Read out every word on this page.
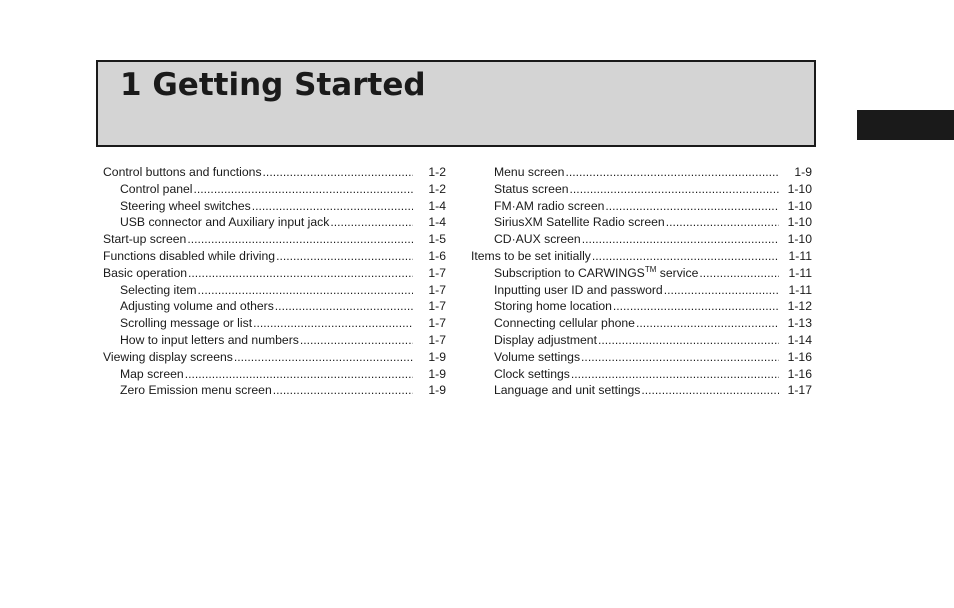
1 Getting Started
Control buttons and functions .....	1-2
Control panel .....	1-2
Steering wheel switches .....	1-4
USB connector and Auxiliary input jack .....	1-4
Start-up screen .....	1-5
Functions disabled while driving .....	1-6
Basic operation .....	1-7
Selecting item .....	1-7
Adjusting volume and others .....	1-7
Scrolling message or list .....	1-7
How to input letters and numbers .....	1-7
Viewing display screens .....	1-9
Map screen .....	1-9
Zero Emission menu screen .....	1-9
Menu screen .....	1-9
Status screen .....	1-10
FM·AM radio screen .....	1-10
SiriusXM Satellite Radio screen .....	1-10
CD·AUX screen .....	1-10
Items to be set initially .....	1-11
Subscription to CARWINGS™ service .....	1-11
Inputting user ID and password .....	1-11
Storing home location .....	1-12
Connecting cellular phone .....	1-13
Display adjustment .....	1-14
Volume settings .....	1-16
Clock settings .....	1-16
Language and unit settings .....	1-17
